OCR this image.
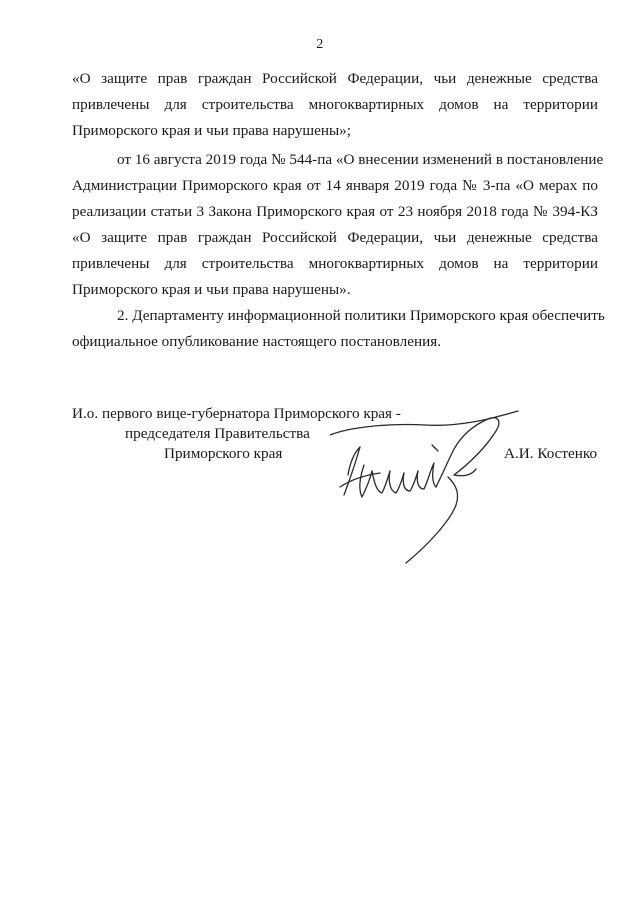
2
«О защите прав граждан Российской Федерации, чьи денежные средства
привлечены для строительства многоквартирных домов на территории
Приморского края и чьи права нарушены»;
от 16 августа 2019 года № 544-па «О внесении изменений в постановление
Администрации Приморского края от 14 января 2019 года № 3-па «О мерах по
реализации статьи 3 Закона Приморского края от 23 ноября 2018 года № 394-КЗ
«О защите прав граждан Российской Федерации, чьи денежные средства
привлечены для строительства многоквартирных домов на территории
Приморского края и чьи права нарушены».
2. Департаменту информационной политики Приморского края обеспечить
официальное опубликование настоящего постановления.
И.о. первого вице-губернатора Приморского края -
председателя Правительства
Приморского края	А.И. Костенко
